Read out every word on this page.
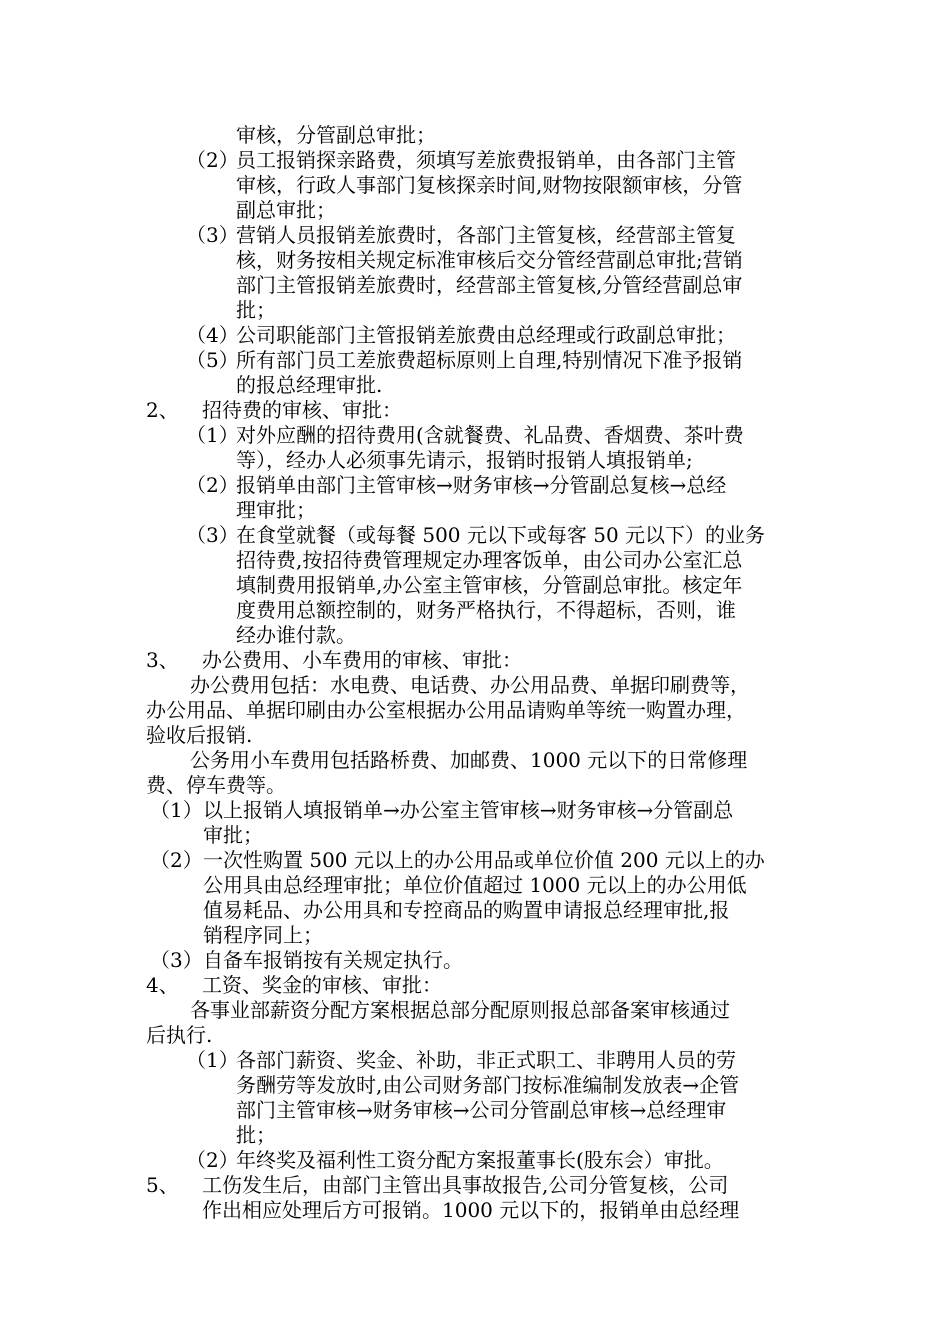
审核，分管副总审批；
（2）
员工报销探亲路费，须填写差旅费报销单，由各部门主管
审核，行政人事部门复核探亲时间,财物按限额审核，分管
副总审批；
（3）
营销人员报销差旅费时，各部门主管复核，经营部主管复
核，财务按相关规定标准审核后交分管经营副总审批;营销
部门主管报销差旅费时，经营部主管复核,分管经营副总审
批；
（4）
公司职能部门主管报销差旅费由总经理或行政副总审批；
（5）
所有部门员工差旅费超标原则上自理,特别情况下准予报销
的报总经理审批.
2、 招待费的审核、审批：
（1）
对外应酬的招待费用(含就餐费、礼品费、香烟费、茶叶费
等），经办人必须事先请示，报销时报销人填报销单;
（2）
报销单由部门主管审核→财务审核→分管副总复核→总经
理审批；
（3）
在食堂就餐（或每餐 500 元以下或每客 50 元以下）的业务
招待费,按招待费管理规定办理客饭单，由公司办公室汇总
填制费用报销单,办公室主管审核，分管副总审批。核定年
度费用总额控制的，财务严格执行，不得超标，否则，谁
经办谁付款。
3、 办公费用、小车费用的审核、审批：
办公费用包括：水电费、电话费、办公用品费、单据印刷费等，
办公用品、单据印刷由办公室根据办公用品请购单等统一购置办理，
验收后报销.
公务用小车费用包括路桥费、加邮费、1000 元以下的日常修理
费、停车费等。
（1） 以上报销人填报销单→办公室主管审核→财务审核→分管副总
审批；
（2） 一次性购置 500 元以上的办公用品或单位价值 200 元以上的办
公用具由总经理审批；单位价值超过 1000 元以上的办公用低
值易耗品、办公用具和专控商品的购置申请报总经理审批,报
销程序同上；
（3） 自备车报销按有关规定执行。
4、 工资、奖金的审核、审批：
各事业部薪资分配方案根据总部分配原则报总部备案审核通过
后执行.
（1）
各部门薪资、奖金、补助，非正式职工、非聘用人员的劳
务酬劳等发放时,由公司财务部门按标准编制发放表→企管
部门主管审核→财务审核→公司分管副总审核→总经理审
批；
（2）
年终奖及福利性工资分配方案报董事长(股东会）审批。
5、 工伤发生后，由部门主管出具事故报告,公司分管复核，公司
作出相应处理后方可报销。1000 元以下的，报销单由总经理
